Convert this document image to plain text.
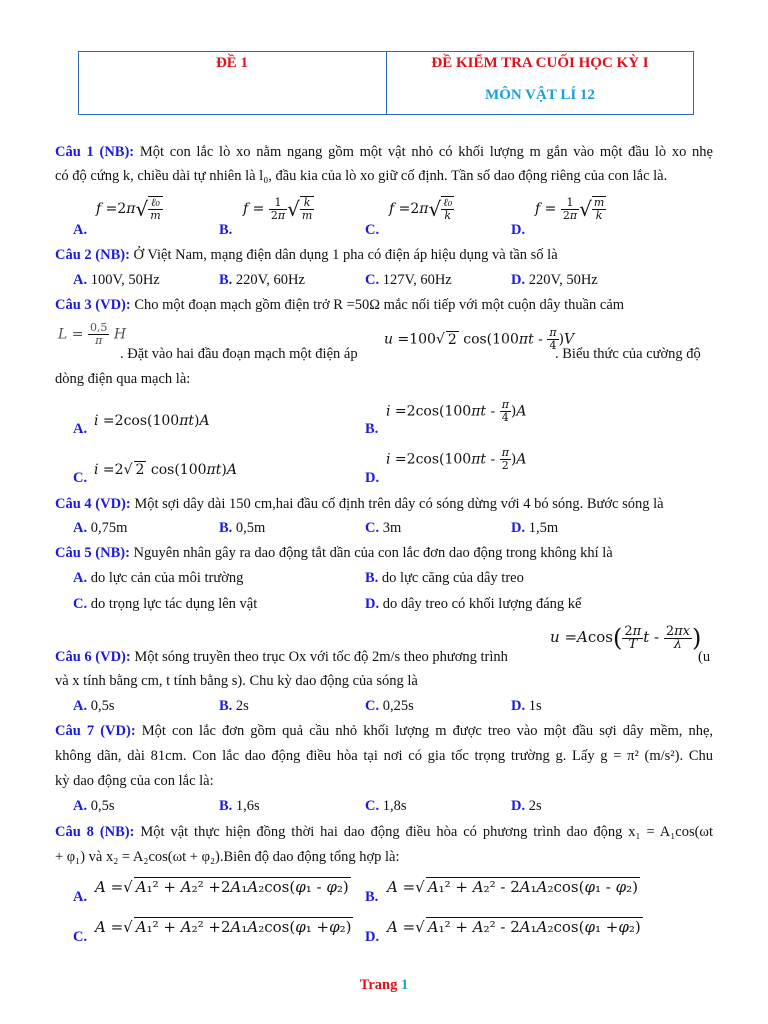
ĐỀ 1	ĐỀ KIỂM TRA CUỐI HỌC KỲ I
MÔN VẬT LÍ 12
Câu 1 (NB): Một con lắc lò xo nằm ngang gồm một vật nhỏ có khối lượng m gắn vào một đầu lò xo nhẹ
có độ cứng k, chiều dài tự nhiên là l₀, đầu kia của lò xo giữ cố định. Tần số dao động riêng của con lắc là.
A.
$f =2\pi√ \frac{\text{ℓ₀}}{m}$
B.
$f = \frac{1}{2\pi}$ √ $\frac{k}{m}$
C.
$f =2\pi√ \frac{\text{ℓ₀}}{k}$
D.
$f = \frac{1}{2\pi}$ √ $\frac{m}{k}$
Câu 2 (NB): Ở Việt Nam, mạng điện dân dụng 1 pha có điện áp hiệu dụng và tần số là
A. 100V, 50Hz	B. 220V, 60Hz	C. 127V, 60Hz	D. 220V, 50Hz
Câu 3 (VD): Cho một đoạn mạch gồm điện trở R =50Ω mắc nối tiếp với một cuộn dây thuần cảm
$L = \frac{0,5}{\pi}$ H
. Đặt vào hai đầu đoạn mạch một điện áp
u =100√ 2 $\cos(100\pi t - \frac{\pi}{4} )V$
. Biểu thức của cường độ
dòng điện qua mạch là:
A. i =2cos(100πt)A	B.
$i =2\cos(100\pi t - \frac{\pi}{4} )A$
C. i =2√ 2 cos(100πt)A	D.
$i =2\cos(100\pi t - \frac{\pi}{2} )A$
Câu 4 (VD): Một sợi dây dài 150 cm,hai đầu cố định trên dây có sóng dừng với 4 bó sóng. Bước sóng là
A. 0,75m	B. 0,5m	C. 3m	D. 1,5m
Câu 5 (NB): Nguyên nhân gây ra dao động tắt dần của con lắc đơn dao động trong không khí là
A. do lực cản của môi trường	B. do lực căng của dây treo
C. do trọng lực tác dụng lên vật	D. do dây treo có khối lượng đáng kể
$u =Acos( \frac{2\pi}{T}$ t - $\frac{2\pi x}{\lambda}$ )
Câu 6 (VD): Một sóng truyền theo trục Ox với tốc độ 2m/s theo phương trình	(u
và x tính bằng cm, t tính bằng s). Chu kỳ dao động của sóng là
A. 0,5s	B. 2s	C. 0,25s	D. 1s
Câu 7 (VD): Một con lắc đơn gồm quả cầu nhỏ khối lượng m được treo vào một đầu sợi dây mềm, nhẹ,
không dãn, dài 81cm. Con lắc dao động điều hòa tại nơi có gia tốc trọng trường g. Lấy g = π² (m/s²). Chu
kỳ dao động của con lắc là:
A. 0,5s	B. 1,6s	C. 1,8s	D. 2s
Câu 8 (NB): Một vật thực hiện đồng thời hai dao động điều hòa có phương trình dao động x₁ = A₁cos(ωt
+ φ₁) và x₂ = A₂cos(ωt + φ₂).Biên độ dao động tổng hợp là:
A.
A =√ A₁² + A₂² +2A₁A₂cos(φ₁ - φ₂)
B.
A =√ A₁² + A₂² - 2A₁A₂cos(φ₁ - φ₂)
C.
A =√ A₁² + A₂² +2A₁A₂cos(φ₁ +φ₂)
D.
A =√ A₁² + A₂² - 2A₁A₂cos(φ₁ +φ₂)
Trang 1
